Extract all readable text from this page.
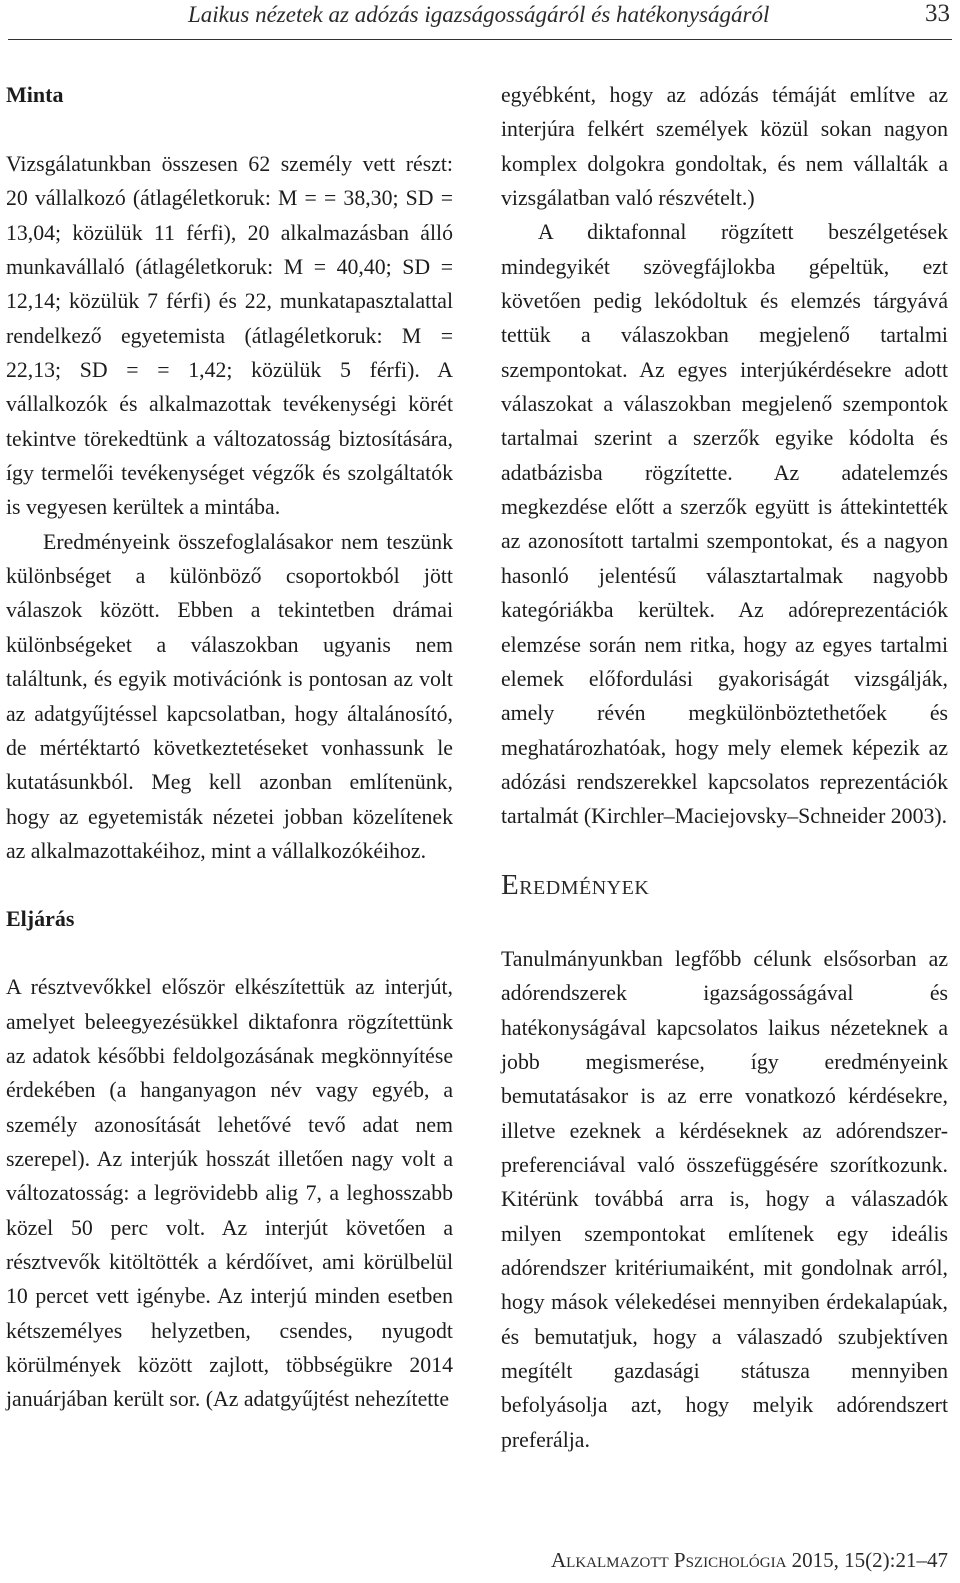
Laikus nézetek az adózás igazságosságáról és hatékonyságáról	33

Minta

Vizsgálatunkban összesen 62 személy vett részt: 20 vállalkozó (átlagéletkoruk: M = = 38,30; SD = 13,04; közülük 11 férfi), 20 alkalmazásban álló munkavállaló (átlagéletkoruk: M = 40,40; SD = 12,14; közülük 7 férfi) és 22, munkatapasztalattal rendelkező egyetemista (átlagéletkoruk: M = 22,13; SD = = 1,42; közülük 5 férfi). A vállalkozók és alkalmazottak tevékenységi körét tekintve törekedtünk a változatosság biztosítására, így termelői tevékenységet végzők és szolgáltatók is vegyesen kerültek a mintába.

Eredményeink összefoglalásakor nem teszünk különbséget a különböző csoportokból jött válaszok között. Ebben a tekintetben drámai különbségeket a válaszokban ugyanis nem találtunk, és egyik motivációnk is pontosan az volt az adatgyűjtéssel kapcsolatban, hogy általánosító, de mértéktartó következtetéseket vonhassunk le kutatásunkból. Meg kell azonban említenünk, hogy az egyetemisták nézetei jobban közelítenek az alkalmazottakéihoz, mint a vállalkozókéihoz.

Eljárás

A résztvevőkkel először elkészítettük az interjút, amelyet beleegyezésükkel diktafonra rögzítettünk az adatok későbbi feldolgozásának megkönnyítése érdekében (a hanganyagon név vagy egyéb, a személy azonosítását lehetővé tevő adat nem szerepel). Az interjúk hosszát illetően nagy volt a változatosság: a legrövidebb alig 7, a leghosszabb közel 50 perc volt. Az interjút követően a résztvevők kitöltötték a kérdőívet, ami körülbelül 10 percet vett igénybe. Az interjú minden esetben kétszemélyes helyzetben, csendes, nyugodt körülmények között zajlott, többségükre 2014 januárjában került sor. (Az adatgyűjtést nehezítette

egyébként, hogy az adózás témáját említve az interjúra felkért személyek közül sokan nagyon komplex dolgokra gondoltak, és nem vállalták a vizsgálatban való részvételt.)

A diktafonnal rögzített beszélgetések mindegyikét szövegfájlokba gépeltük, ezt követően pedig lekódoltuk és elemzés tárgyává tettük a válaszokban megjelenő tartalmi szempontokat. Az egyes interjúkérdésekre adott válaszokat a válaszokban megjelenő szempontok tartalmai szerint a szerzők egyike kódolta és adatbázisba rögzítette. Az adatelemzés megkezdése előtt a szerzők együtt is áttekintették az azonosított tartalmi szempontokat, és a nagyon hasonló jelentésű választartalmak nagyobb kategóriákba kerültek. Az adóreprezentációk elemzése során nem ritka, hogy az egyes tartalmi elemek előfordulási gyakoriságát vizsgálják, amely révén megkülönböztethetőek és meghatározhatóak, hogy mely elemek képezik az adózási rendszerekkel kapcsolatos reprezentációk tartalmát (Kirchler–Maciejovsky–Schneider 2003).

Eredmények

Tanulmányunkban legfőbb célunk elsősorban az adórendszerek igazságosságával és hatékonyságával kapcsolatos laikus nézeteknek a jobb megismerése, így eredményeink bemutatásakor is az erre vonatkozó kérdésekre, illetve ezeknek a kérdéseknek az adórendszer-preferenciával való összefüggésére szorítkozunk. Kitérünk továbbá arra is, hogy a válaszadók milyen szempontokat említenek egy ideális adórendszer kritériumaiként, mit gondolnak arról, hogy mások vélekedései mennyiben érdekalapúak, és bemutatjuk, hogy a válaszadó szubjektíven megítélt gazdasági státusza mennyiben befolyásolja azt, hogy melyik adórendszert preferálja.

Alkalmazott Pszichológia 2015, 15(2):21–47
